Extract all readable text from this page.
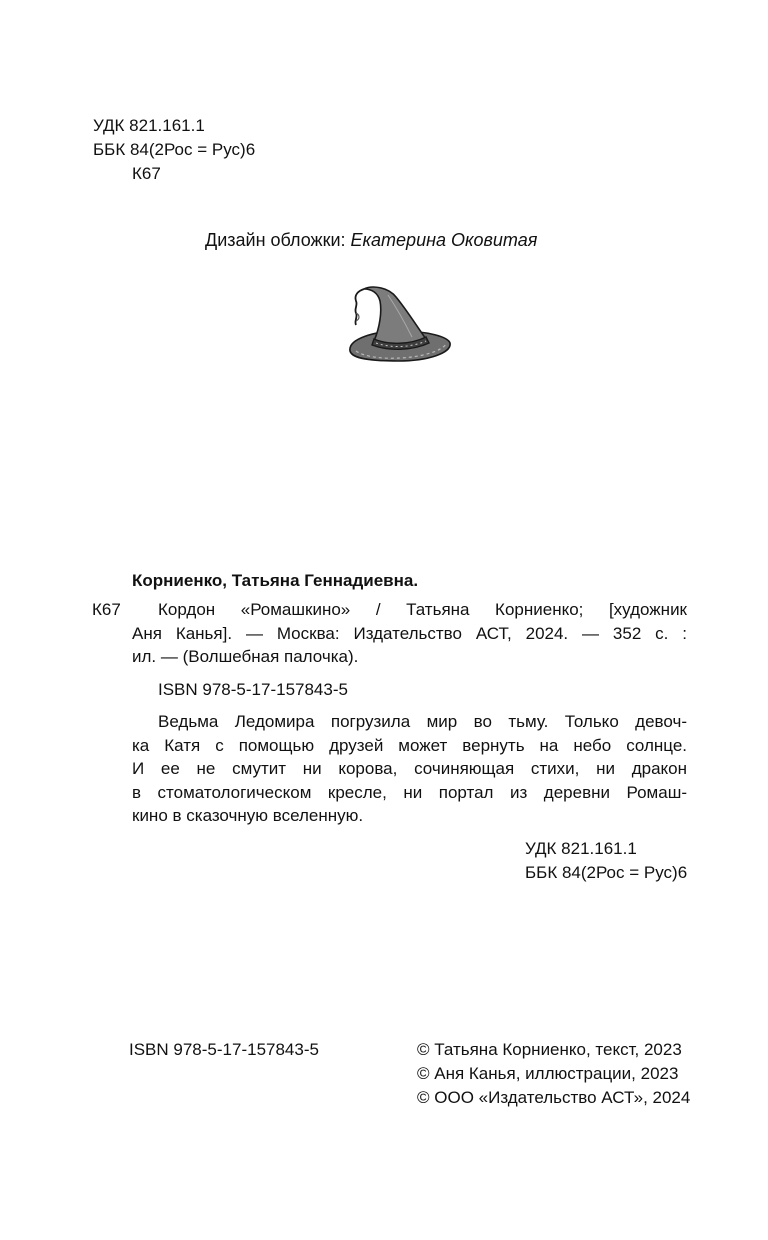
УДК 821.161.1
ББК 84(2Рос = Рус)6
К67
Дизайн обложки: Екатерина Оковитая
Корниенко, Татьяна Геннадиевна.
К67	Кордон «Ромашкино» / Татьяна Корниенко; [художник
Аня Канья]. — Москва: Издательство АСТ, 2024. — 352 с. :
ил. — (Волшебная палочка).
ISBN 978-5-17-157843-5
Ведьма Ледомира погрузила мир во тьму. Только девоч-
ка Катя с помощью друзей может вернуть на небо солнце.
И ее не смутит ни корова, сочиняющая стихи, ни дракон
в стоматологическом кресле, ни портал из деревни Ромаш-
кино в сказочную вселенную.
УДК 821.161.1
ББК 84(2Рос = Рус)6
ISBN 978-5-17-157843-5	© Татьяна Корниенко, текст, 2023
© Аня Канья, иллюстрации, 2023
© ООО «Издательство АСТ», 2024
